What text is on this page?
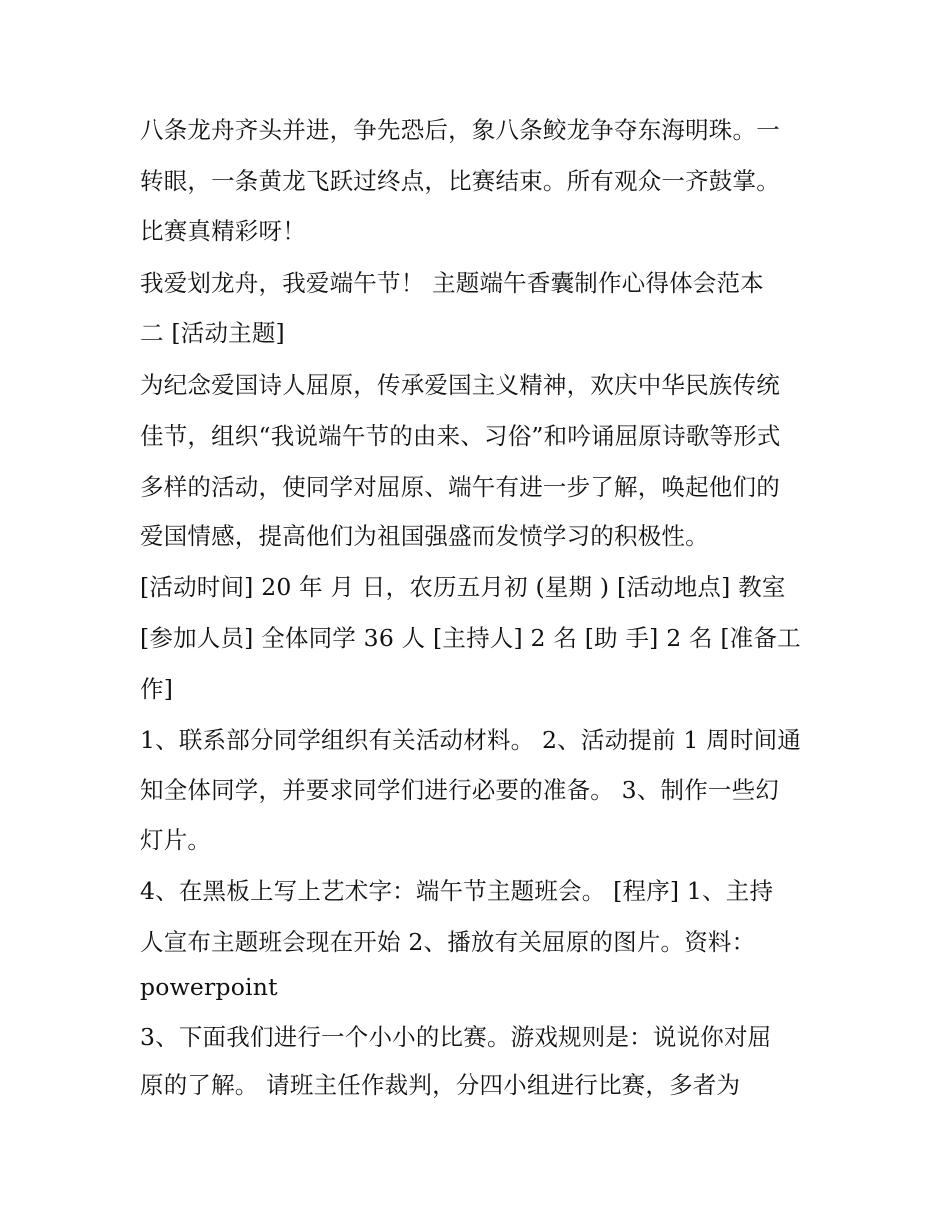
八条龙舟齐头并进，争先恐后，象八条鲛龙争夺东海明珠。一
转眼，一条黄龙飞跃过终点，比赛结束。所有观众一齐鼓掌。
比赛真精彩呀！
我爱划龙舟，我爱端午节！ 主题端午香囊制作心得体会范本
二 [活动主题]
为纪念爱国诗人屈原，传承爱国主义精神，欢庆中华民族传统
佳节，组织“我说端午节的由来、习俗”和吟诵屈原诗歌等形式
多样的活动，使同学对屈原、端午有进一步了解，唤起他们的
爱国情感，提高他们为祖国强盛而发愤学习的积极性。
[活动时间] 20 年 月 日，农历五月初 (星期 ) [活动地点] 教室
[参加人员] 全体同学 36 人 [主持人] 2 名 [助 手] 2 名 [准备工
作]
1、联系部分同学组织有关活动材料。 2、活动提前 1 周时间通
知全体同学，并要求同学们进行必要的准备。 3、制作一些幻
灯片。
4、在黑板上写上艺术字：端午节主题班会。 [程序] 1、主持
人宣布主题班会现在开始 2、播放有关屈原的图片。资料：
powerpoint
3、下面我们进行一个小小的比赛。游戏规则是：说说你对屈
原的了解。 请班主任作裁判，分四小组进行比赛，多者为
